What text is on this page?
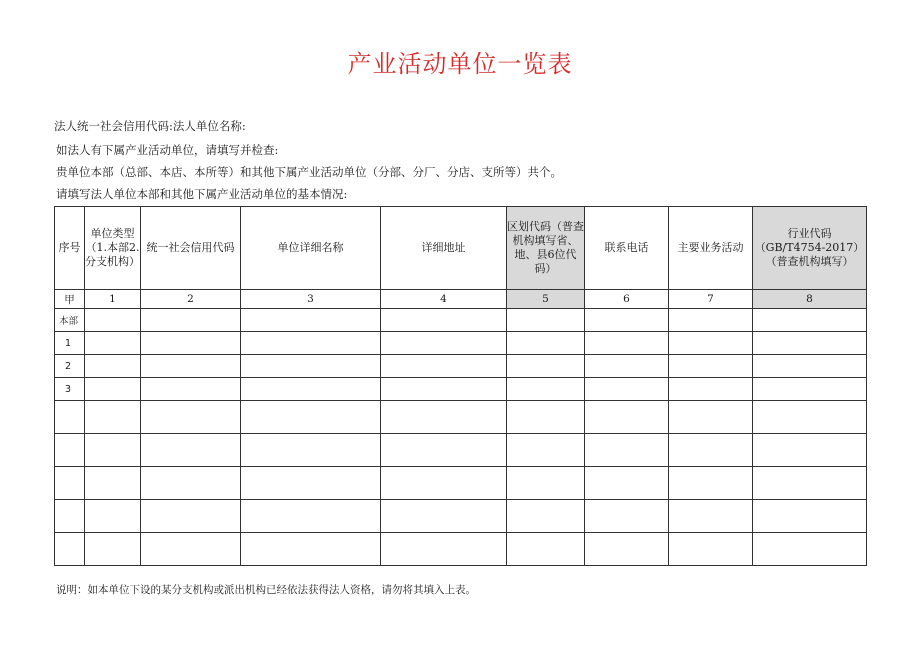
产业活动单位一览表
法人统一社会信用代码:法人单位名称:
如法人有下属产业活动单位，请填写并检查:
贵单位本部（总部、本店、本所等）和其他下属产业活动单位（分部、分厂、分店、支所等）共个。
请填写法人单位本部和其他下属产业活动单位的基本情况:
序号	单位类型（1.本部2.分支机构）	统一社会信用代码	单位详细名称	详细地址	区划代码（普查机构填写省、地、县6位代码）	联系电话	主要业务活动	行业代码（GB/T4754-2017）（普查机构填写）
甲	1	2	3	4	5	6	7	8
本部								
1								
2								
3								

说明：如本单位下设的某分支机构或派出机构已经依法获得法人资格，请勿将其填入上表。
